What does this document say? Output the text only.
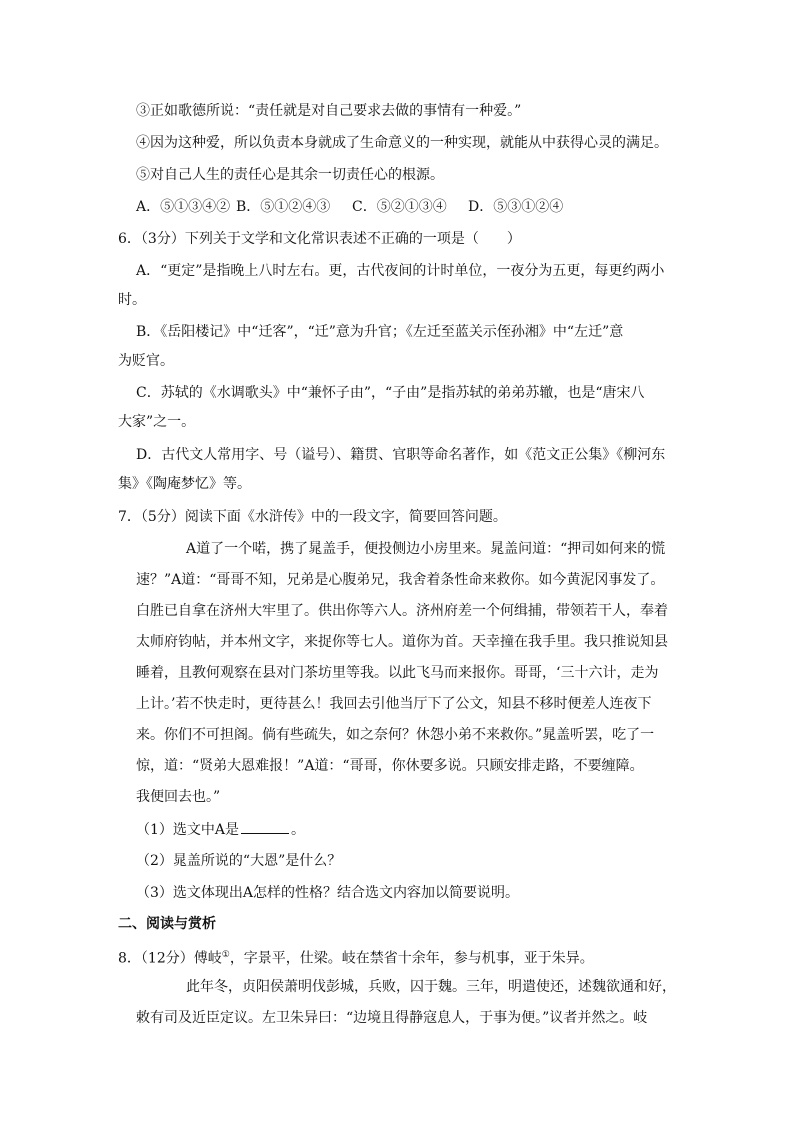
③正如歌德所说：“责任就是对自己要求去做的事情有一种爱。”
④因为这种爱，所以负责本身就成了生命意义的一种实现，就能从中获得心灵的满足。
⑤对自己人生的责任心是其余一切责任心的根源。
A．⑤①③④② B．⑤①②④③ C．⑤②①③④ D．⑤③①②④
6．（3分）下列关于文学和文化常识表述不正确的一项是（　　）
A．“更定”是指晚上八时左右。更，古代夜间的计时单位，一夜分为五更，每更约两小
时。
B．《岳阳楼记》中“迁客”，“迁”意为升官；《左迁至蓝关示侄孙湘》中“左迁”意
为贬官。
C．苏轼的《水调歌头》中“兼怀子由”，“子由”是指苏轼的弟弟苏辙，也是“唐宋八
大家”之一。
D．古代文人常用字、号（谥号）、籍贯、官职等命名著作，如《范文正公集》《柳河东
集》《陶庵梦忆》等。
7．（5分）阅读下面《水浒传》中的一段文字，简要回答问题。
A道了一个喏，携了晁盖手，便投侧边小房里来。晁盖问道：“押司如何来的慌
速？”A道：“哥哥不知，兄弟是心腹弟兄，我舍着条性命来救你。如今黄泥冈事发了。
白胜已自拿在济州大牢里了。供出你等六人。济州府差一个何缉捕，带领若干人，奉着
太师府钧帖，并本州文字，来捉你等七人。道你为首。天幸撞在我手里。我只推说知县
睡着，且教何观察在县对门茶坊里等我。以此飞马而来报你。哥哥，‘三十六计，走为
上计。’若不快走时，更待甚么！我回去引他当厅下了公文，知县不移时便差人连夜下
来。你们不可担阁。倘有些疏失，如之奈何？休怨小弟不来救你。”晁盖听罢，吃了一
惊，道：“贤弟大恩难报！”A道：“哥哥，你休要多说。只顾安排走路，不要缠障。
我便回去也。”
（1）选文中A是	。
（2）晁盖所说的“大恩”是什么？
（3）选文体现出A怎样的性格？结合选文内容加以简要说明。
二、阅读与赏析
8．（12分）傅岐①，字景平，仕梁。岐在禁省十余年，参与机事，亚于朱异。
此年冬，贞阳侯萧明伐彭城，兵败，囚于魏。三年，明遣使还，述魏欲通和好，
敕有司及近臣定议。左卫朱异曰：“边境且得静寇息人，于事为便。”议者并然之。岐
